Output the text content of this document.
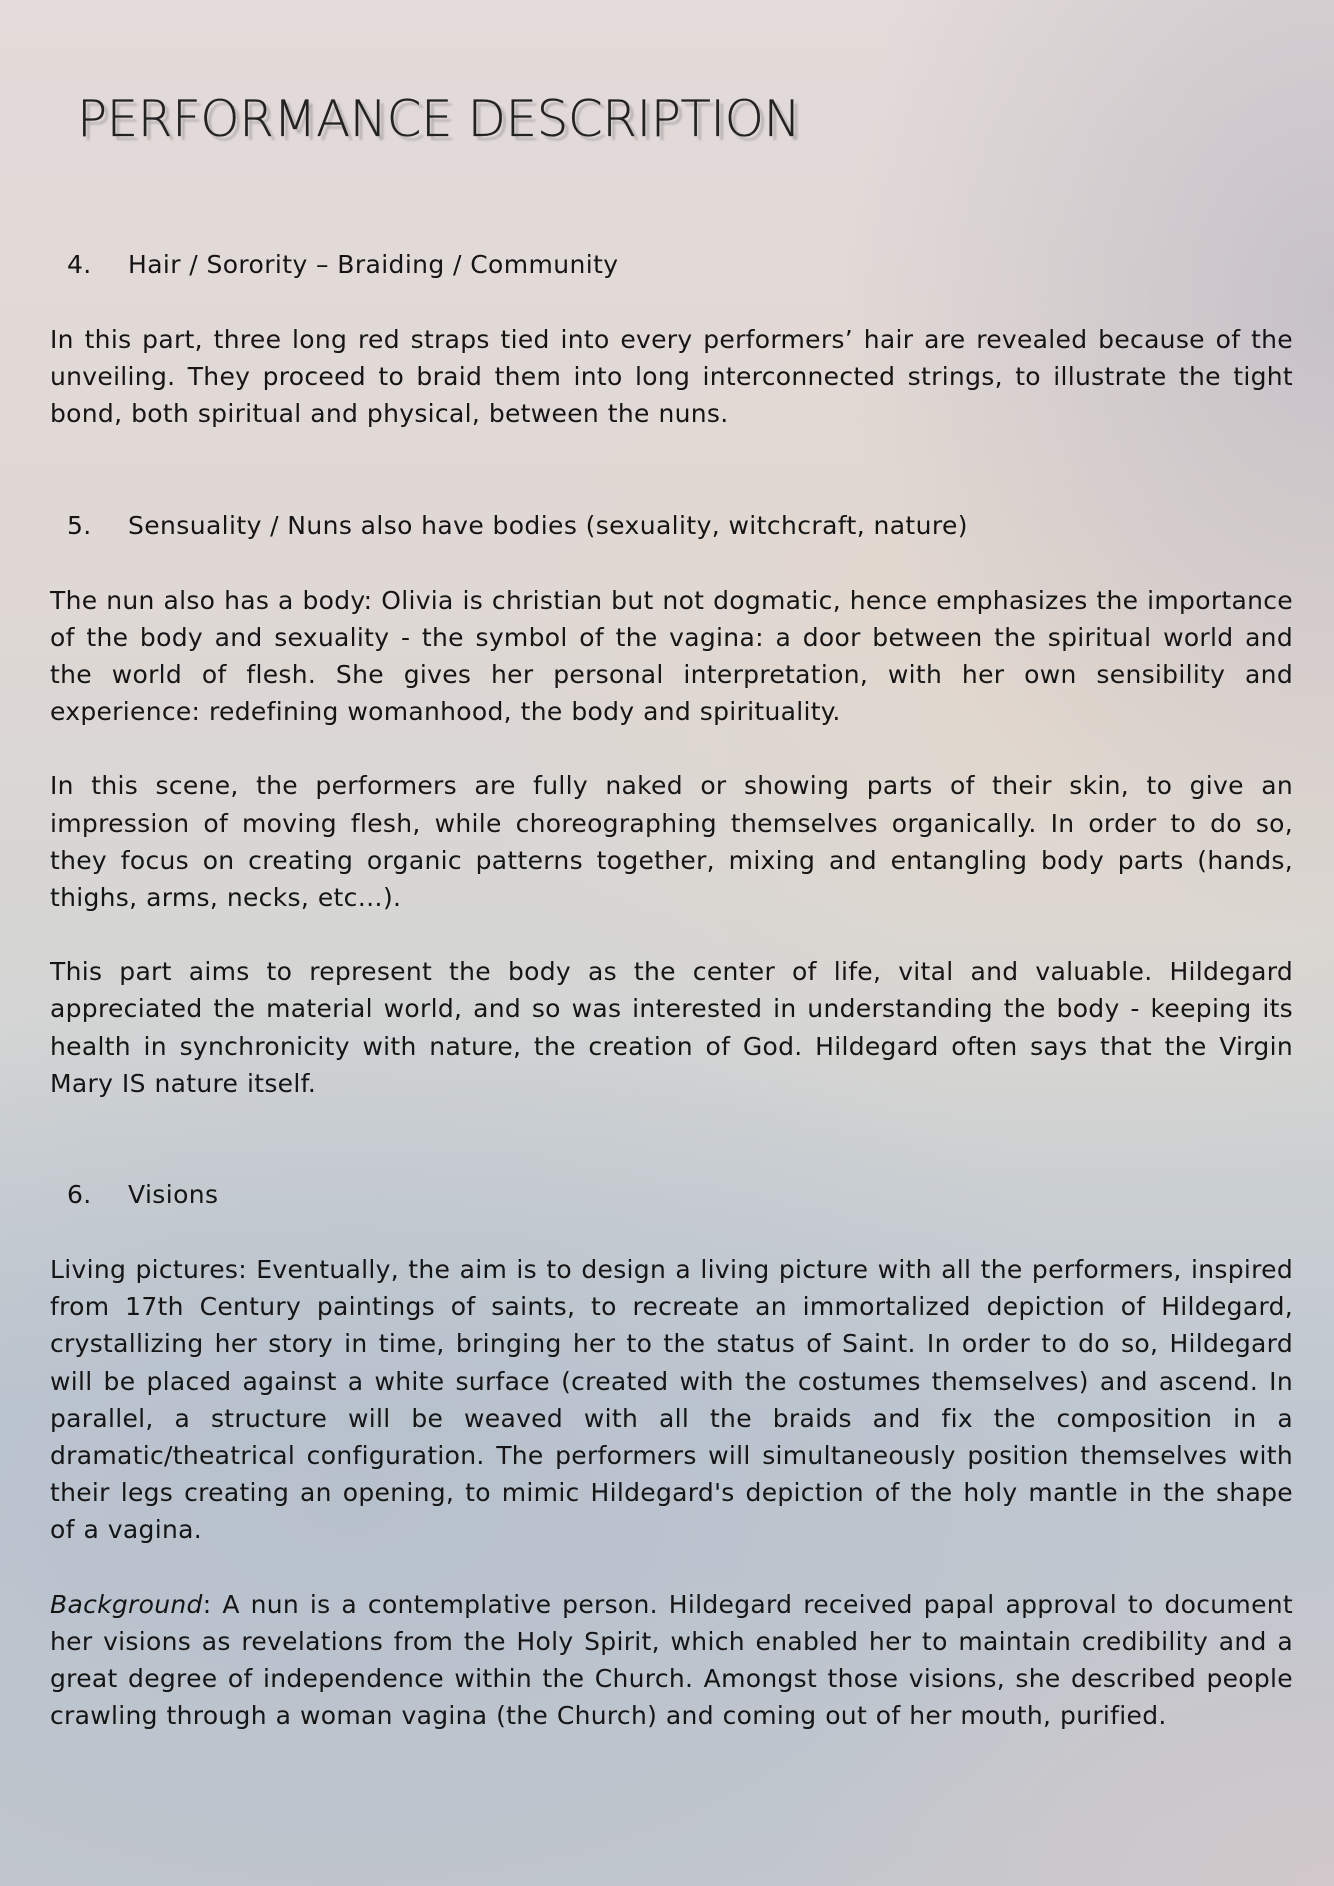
PERFORMANCE DESCRIPTION
4.	Hair / Sorority – Braiding / Community

In this part, three long red straps tied into every performers’ hair are revealed because of the unveiling. They proceed to braid them into long interconnected strings, to illustrate the tight bond, both spiritual and physical, between the nuns.

5.	Sensuality / Nuns also have bodies (sexuality, witchcraft, nature)

The nun also has a body: Olivia is christian but not dogmatic, hence emphasizes the importance of the body and sexuality - the symbol of the vagina: a door between the spiritual world and the world of flesh. She gives her personal interpretation, with her own sensibility and experience: redefining womanhood, the body and spirituality.

In this scene, the performers are fully naked or showing parts of their skin, to give an impression of moving flesh, while choreographing themselves organically. In order to do so, they focus on creating organic patterns together, mixing and entangling body parts (hands, thighs, arms, necks, etc…).

This part aims to represent the body as the center of life, vital and valuable. Hildegard appreciated the material world, and so was interested in understanding the body - keeping its health in synchronicity with nature, the creation of God. Hildegard often says that the Virgin Mary IS nature itself.

6.	Visions

Living pictures: Eventually, the aim is to design a living picture with all the performers, inspired from 17th Century paintings of saints, to recreate an immortalized depiction of Hildegard, crystallizing her story in time, bringing her to the status of Saint. In order to do so, Hildegard will be placed against a white surface (created with the costumes themselves) and ascend. In parallel, a structure will be weaved with all the braids and fix the composition in a dramatic/theatrical configuration. The performers will simultaneously position themselves with their legs creating an opening, to mimic Hildegard's depiction of the holy mantle in the shape of a vagina.

Background: A nun is a contemplative person. Hildegard received papal approval to document her visions as revelations from the Holy Spirit, which enabled her to maintain credibility and a great degree of independence within the Church. Amongst those visions, she described people crawling through a woman vagina (the Church) and coming out of her mouth, purified.
